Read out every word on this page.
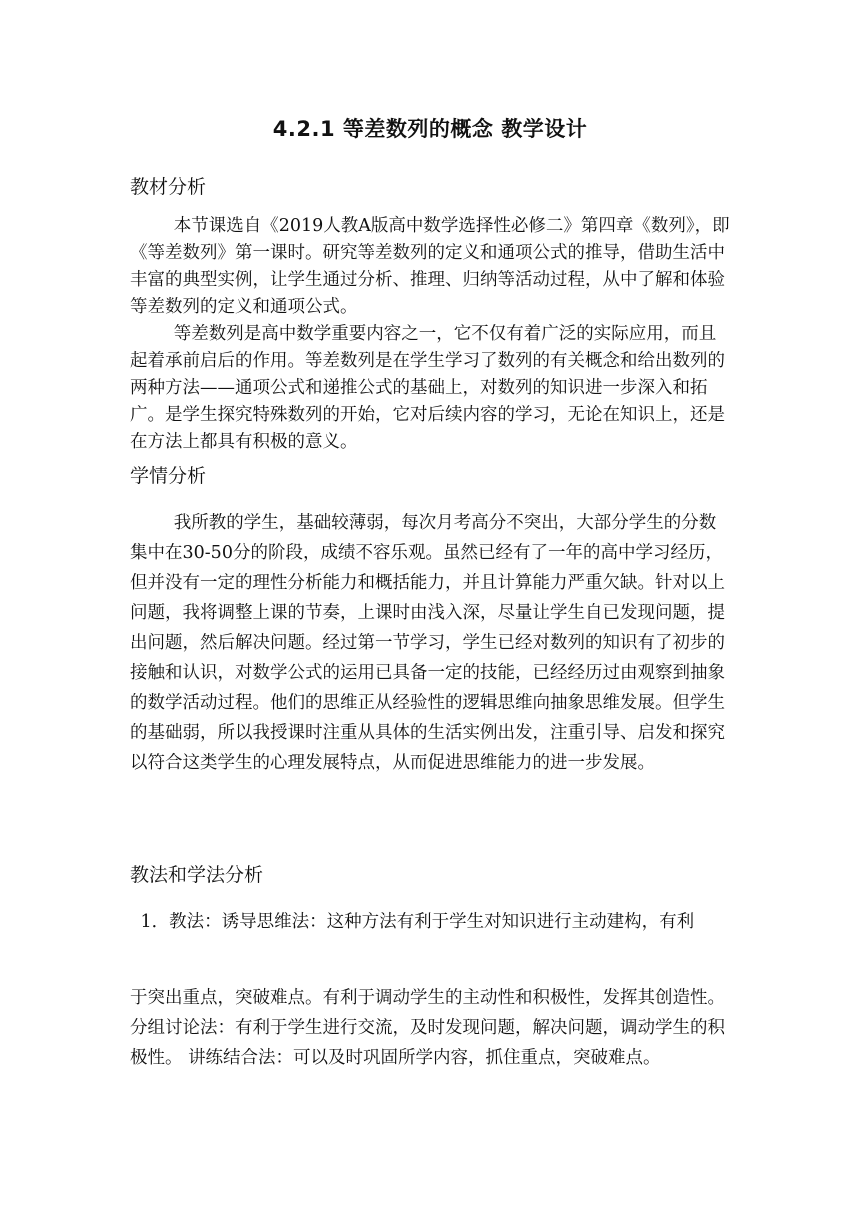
4.2.1 等差数列的概念 教学设计
教材分析

本节课选自《2019人教A版高中数学选择性必修二》第四章《数列》，即《等差数列》第一课时。研究等差数列的定义和通项公式的推导，借助生活中丰富的典型实例，让学生通过分析、推理、归纳等活动过程，从中了解和体验等差数列的定义和通项公式。

等差数列是高中数学重要内容之一，它不仅有着广泛的实际应用，而且起着承前启后的作用。等差数列是在学生学习了数列的有关概念和给出数列的两种方法——通项公式和递推公式的基础上，对数列的知识进一步深入和拓广。是学生探究特殊数列的开始，它对后续内容的学习，无论在知识上，还是在方法上都具有积极的意义。

学情分析

我所教的学生，基础较薄弱，每次月考高分不突出，大部分学生的分数集中在30-50分的阶段，成绩不容乐观。虽然已经有了一年的高中学习经历，但并没有一定的理性分析能力和概括能力，并且计算能力严重欠缺。针对以上问题，我将调整上课的节奏，上课时由浅入深，尽量让学生自已发现问题，提出问题，然后解决问题。经过第一节学习，学生已经对数列的知识有了初步的接触和认识，对数学公式的运用已具备一定的技能，已经经历过由观察到抽象的数学活动过程。他们的思维正从经验性的逻辑思维向抽象思维发展。但学生的基础弱，所以我授课时注重从具体的生活实例出发，注重引导、启发和探究以符合这类学生的心理发展特点，从而促进思维能力的进一步发展。

教法和学法分析

1．教法：诱导思维法：这种方法有利于学生对知识进行主动建构，有利

于突出重点，突破难点。有利于调动学生的主动性和积极性，发挥其创造性。 分组讨论法：有利于学生进行交流，及时发现问题，解决问题，调动学生的积极性。 讲练结合法：可以及时巩固所学内容，抓住重点，突破难点。
